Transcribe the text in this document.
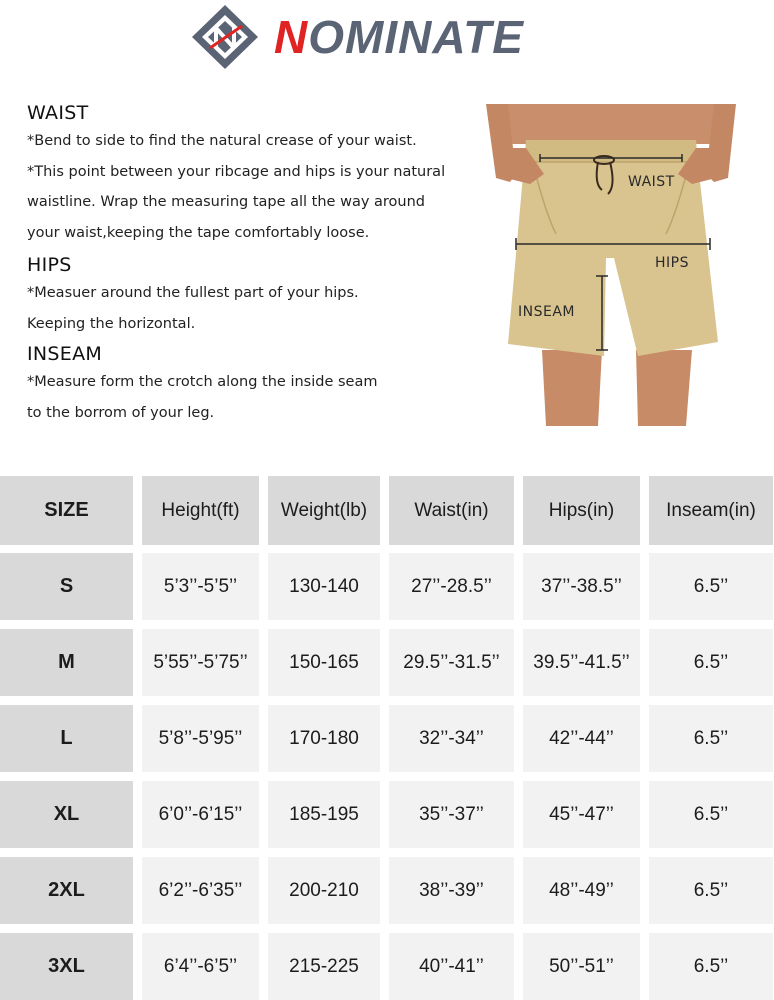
NOMINATE
WAIST

*Bend to side to find the natural crease of your waist.

*This point between your ribcage and hips is your natural

waistline. Wrap the measuring tape all the way around

your waist,keeping the tape comfortably loose.

HIPS

*Measuer around the fullest part of your hips.

Keeping the horizontal.

INSEAM

*Measure form the crotch along the inside seam

to the borrom of your leg.

WAIST
HIPS
INSEAM
SIZE	Height(ft)	Weight(lb)	Waist(in)	Hips(in)	Inseam(in)
S	5’3’’-5’5’’	130-140	27’’-28.5’’	37’’-38.5’’	6.5’’
M	5’55’’-5’75’’	150-165	29.5’’-31.5’’	39.5’’-41.5’’	6.5’’
L	5’8’’-5’95’’	170-180	32’’-34’’	42’’-44’’	6.5’’
XL	6’0’’-6’15’’	185-195	35’’-37’’	45’’-47’’	6.5’’
2XL	6’2’’-6’35’’	200-210	38’’-39’’	48’’-49’’	6.5’’
3XL	6’4’’-6’5’’	215-225	40’’-41’’	50’’-51’’	6.5’’
